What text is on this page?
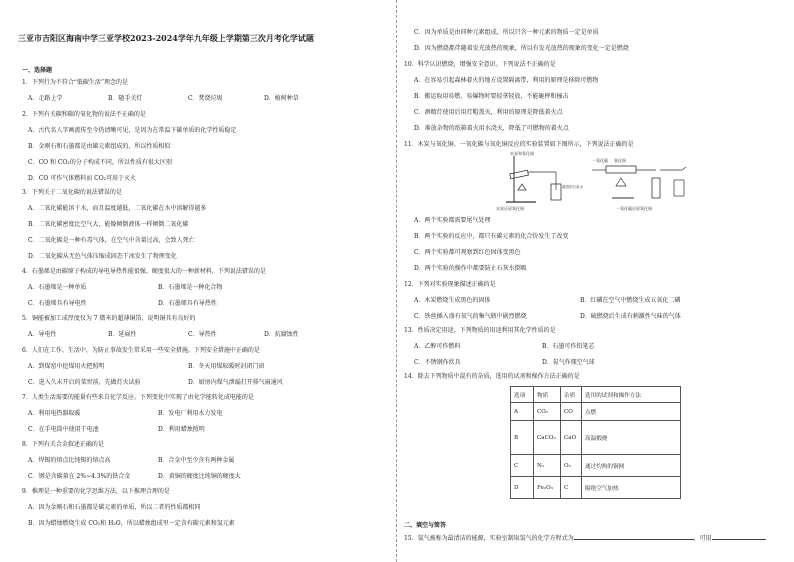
三亚市吉阳区海南中学三亚学校2023-2024学年九年级上学期第三次月考化学试题
一、选择题
1．下列行为不符合“低碳生活”理念的是
A．走路上学	B．随手关灯	C．焚烧垃圾	D．植树种草
2．下列有关碳和碳的氧化物的说法不正确的是
A．古代名人字画流传至今仍清晰可见，是因为在常温下碳单质的化学性质稳定
B．金刚石和石墨都是由碳元素组成的，所以性质相似
C．CO 和 CO₂的分子构成不同，所以性质有很大区别
D．CO 可作气体燃料而 CO₂可用于灭火
3．下列关于二氧化碳的说法错误的是
A．二氧化碳能溶于水，而且温度越低，二氧化碳在水中溶解得越多
B．二氧化碳密度比空气大，能像倾倒液体一样倾倒二氧化碳
C．二氧化碳是一种有毒气体，在空气中含量过高，会致人死亡
D．二氧化碳从无色气体压缩成固态干冰发生了物理变化
4．石墨烯是由碳原子构成的导电导热性能很强、硬度很大的一种新材料，下列说法错误的是
A．石墨烯是一种单质	B．石墨烯是一种化合物
C．石墨烯具有导电性	D．石墨烯具有导热性
5．铜能被加工成厚度仅为 7 微米的超薄铜箔，说明铜具有良好的
A．导电性	B．延展性	C．导热性	D．抗腐蚀性
6．人们在工作、生活中，为防止事故发生常采用一些安全措施，下列安全措施中正确的是
A．到煤窑中挖煤用火把照明	B．冬天用煤取暖时封闭门窗
C．进入久未开启的菜窖前，先做灯火试验	D．厨房内煤气泄漏打开排气扇通风
7．人类生活需要的能量有些来自化学反应。下列变化中实现了由化学能转化成电能的是
A．利用电热器取暖	B．发电厂利用水力发电
C．在手电筒中使用干电池	D．利用蜡烛照明
8．下列有关合金叙述正确的是
A．焊锡的熔点比纯锡的熔点高	B．合金中至少含有两种金属
C．钢是含碳量在 2%~4.3%的铁合金	D．黄铜的硬度比纯铜的硬度大
9．推理是一种重要的化学思维方法，以下推理合理的是
A．因为金刚石和石墨都是碳元素的单质，所以二者的性质都相同
B．因为蜡烛燃烧生成 CO₂和 H₂O，所以蜡烛组成里一定含有碳元素和氢元素
C．因为单质是由同种元素组成，所以只含一种元素的物质一定是单质
D．因为燃烧都伴随着发光放热的现象，所以有发光放热的现象的变化一定是燃烧
10．科学认识燃烧，增强安全意识。下列说法不正确的是
A．在容易引起森林着火的地方设置隔离带，利用的原理是移除可燃物
B．搬运取用易燃、易爆物时要轻拿轻放，不能砸摔和撞击
C．酒精灯使用后用灯帽盖灭，利用的原理是降低着火点
D．堆放杂物的纸箱着火用水浇灭，降低了可燃物的着火点
11．木炭与氧化铜、一氧化碳与氧化铜反应的实验装置如下图所示，下列说法正确的是
木炭和氧化铜
澄清的石灰水
木炭还原氧化铜
一氧化碳 氧化铜
一氧化碳还原氧化铜
A．两个实验都需要尾气处理
B．两个实验的反应中，都只有碳元素的化合价发生了改变
C．两个实验都可观察到红色固体变黑色
D．两个实验的操作中都要防止石灰水倒吸
12．下列对实验现象描述正确的是
A．木炭燃烧生成黑色的固体	B．红磷在空气中燃烧生成五氧化二磷
C．铁丝插入盛有氧气的集气瓶中剧烈燃烧	D．硫燃烧后生成有刺激性气味的气体
13．性质决定用途，下列物质的用途利用其化学性质的是
A．乙醇可作燃料	B．石墨可作铅笔芯
C．不锈钢作炊具	D．氦气作探空气球
14．除去下列物质中混有的杂质，选用的试剂和操作方法正确的是
选项	物质	杂质	选用的试剂和操作方法
A	CO₂	CO	点燃
B	CaCO₃	CaO	高温煅烧
C	N₂	O₂	通过灼热的铜网
D	Fe₂O₃	C	隔绝空气加热
二、填空与简答
15．氢气被称为最清洁的能源，实验室制取氢气的化学方程式为	，可用
